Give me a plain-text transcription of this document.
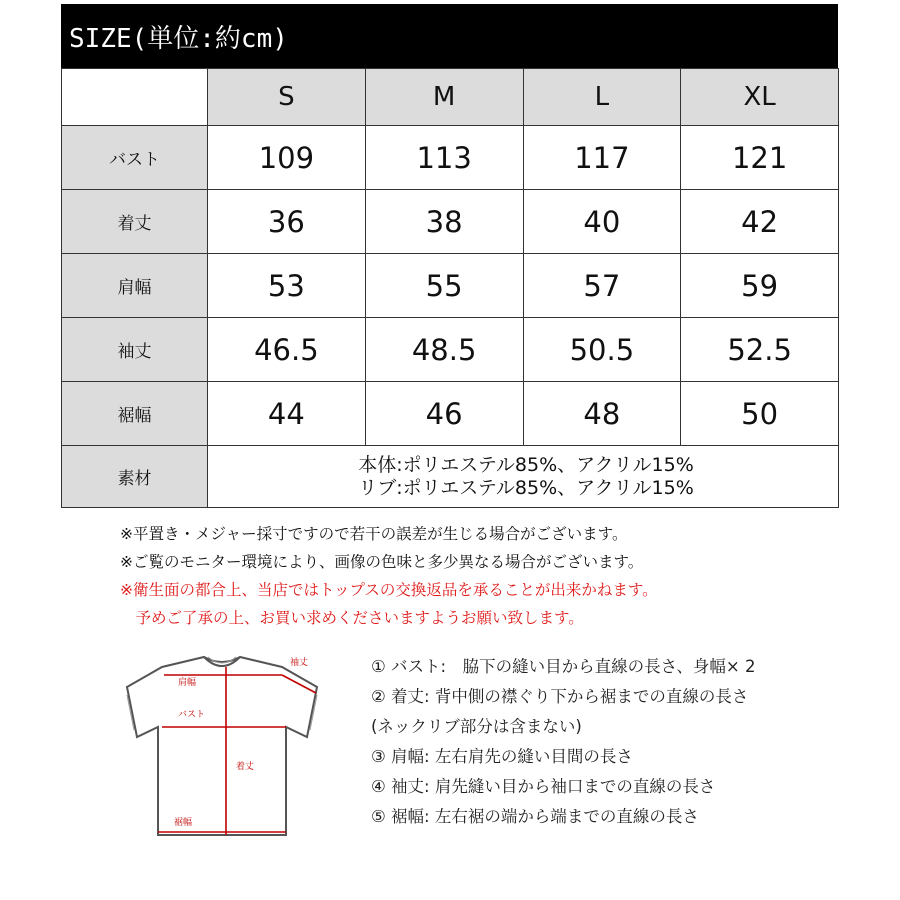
SIZE(単位:約cm)
	S	M	L	XL
バスト	109	113	117	121
着丈	36	38	40	42
肩幅	53	55	57	59
袖丈	46.5	48.5	50.5	52.5
裾幅	44	46	48	50
素材	本体:ポリエステル85%、アクリル15%
リブ:ポリエステル85%、アクリル15%			
※平置き・メジャー採寸ですので若干の誤差が生じる場合がございます。
※ご覧のモニター環境により、画像の色味と多少異なる場合がございます。
※衛生面の都合上、当店ではトップスの交換返品を承ることが出来かねます。
　予めご了承の上、お買い求めくださいますようお願い致します。
袖丈
肩幅
バスト
着丈
裾幅
① バスト:　脇下の縫い目から直線の長さ、身幅× 2
② 着丈: 背中側の襟ぐり下から裾までの直線の長さ
(ネックリブ部分は含まない)
③ 肩幅: 左右肩先の縫い目間の長さ
④ 袖丈: 肩先縫い目から袖口までの直線の長さ
⑤ 裾幅: 左右裾の端から端までの直線の長さ
